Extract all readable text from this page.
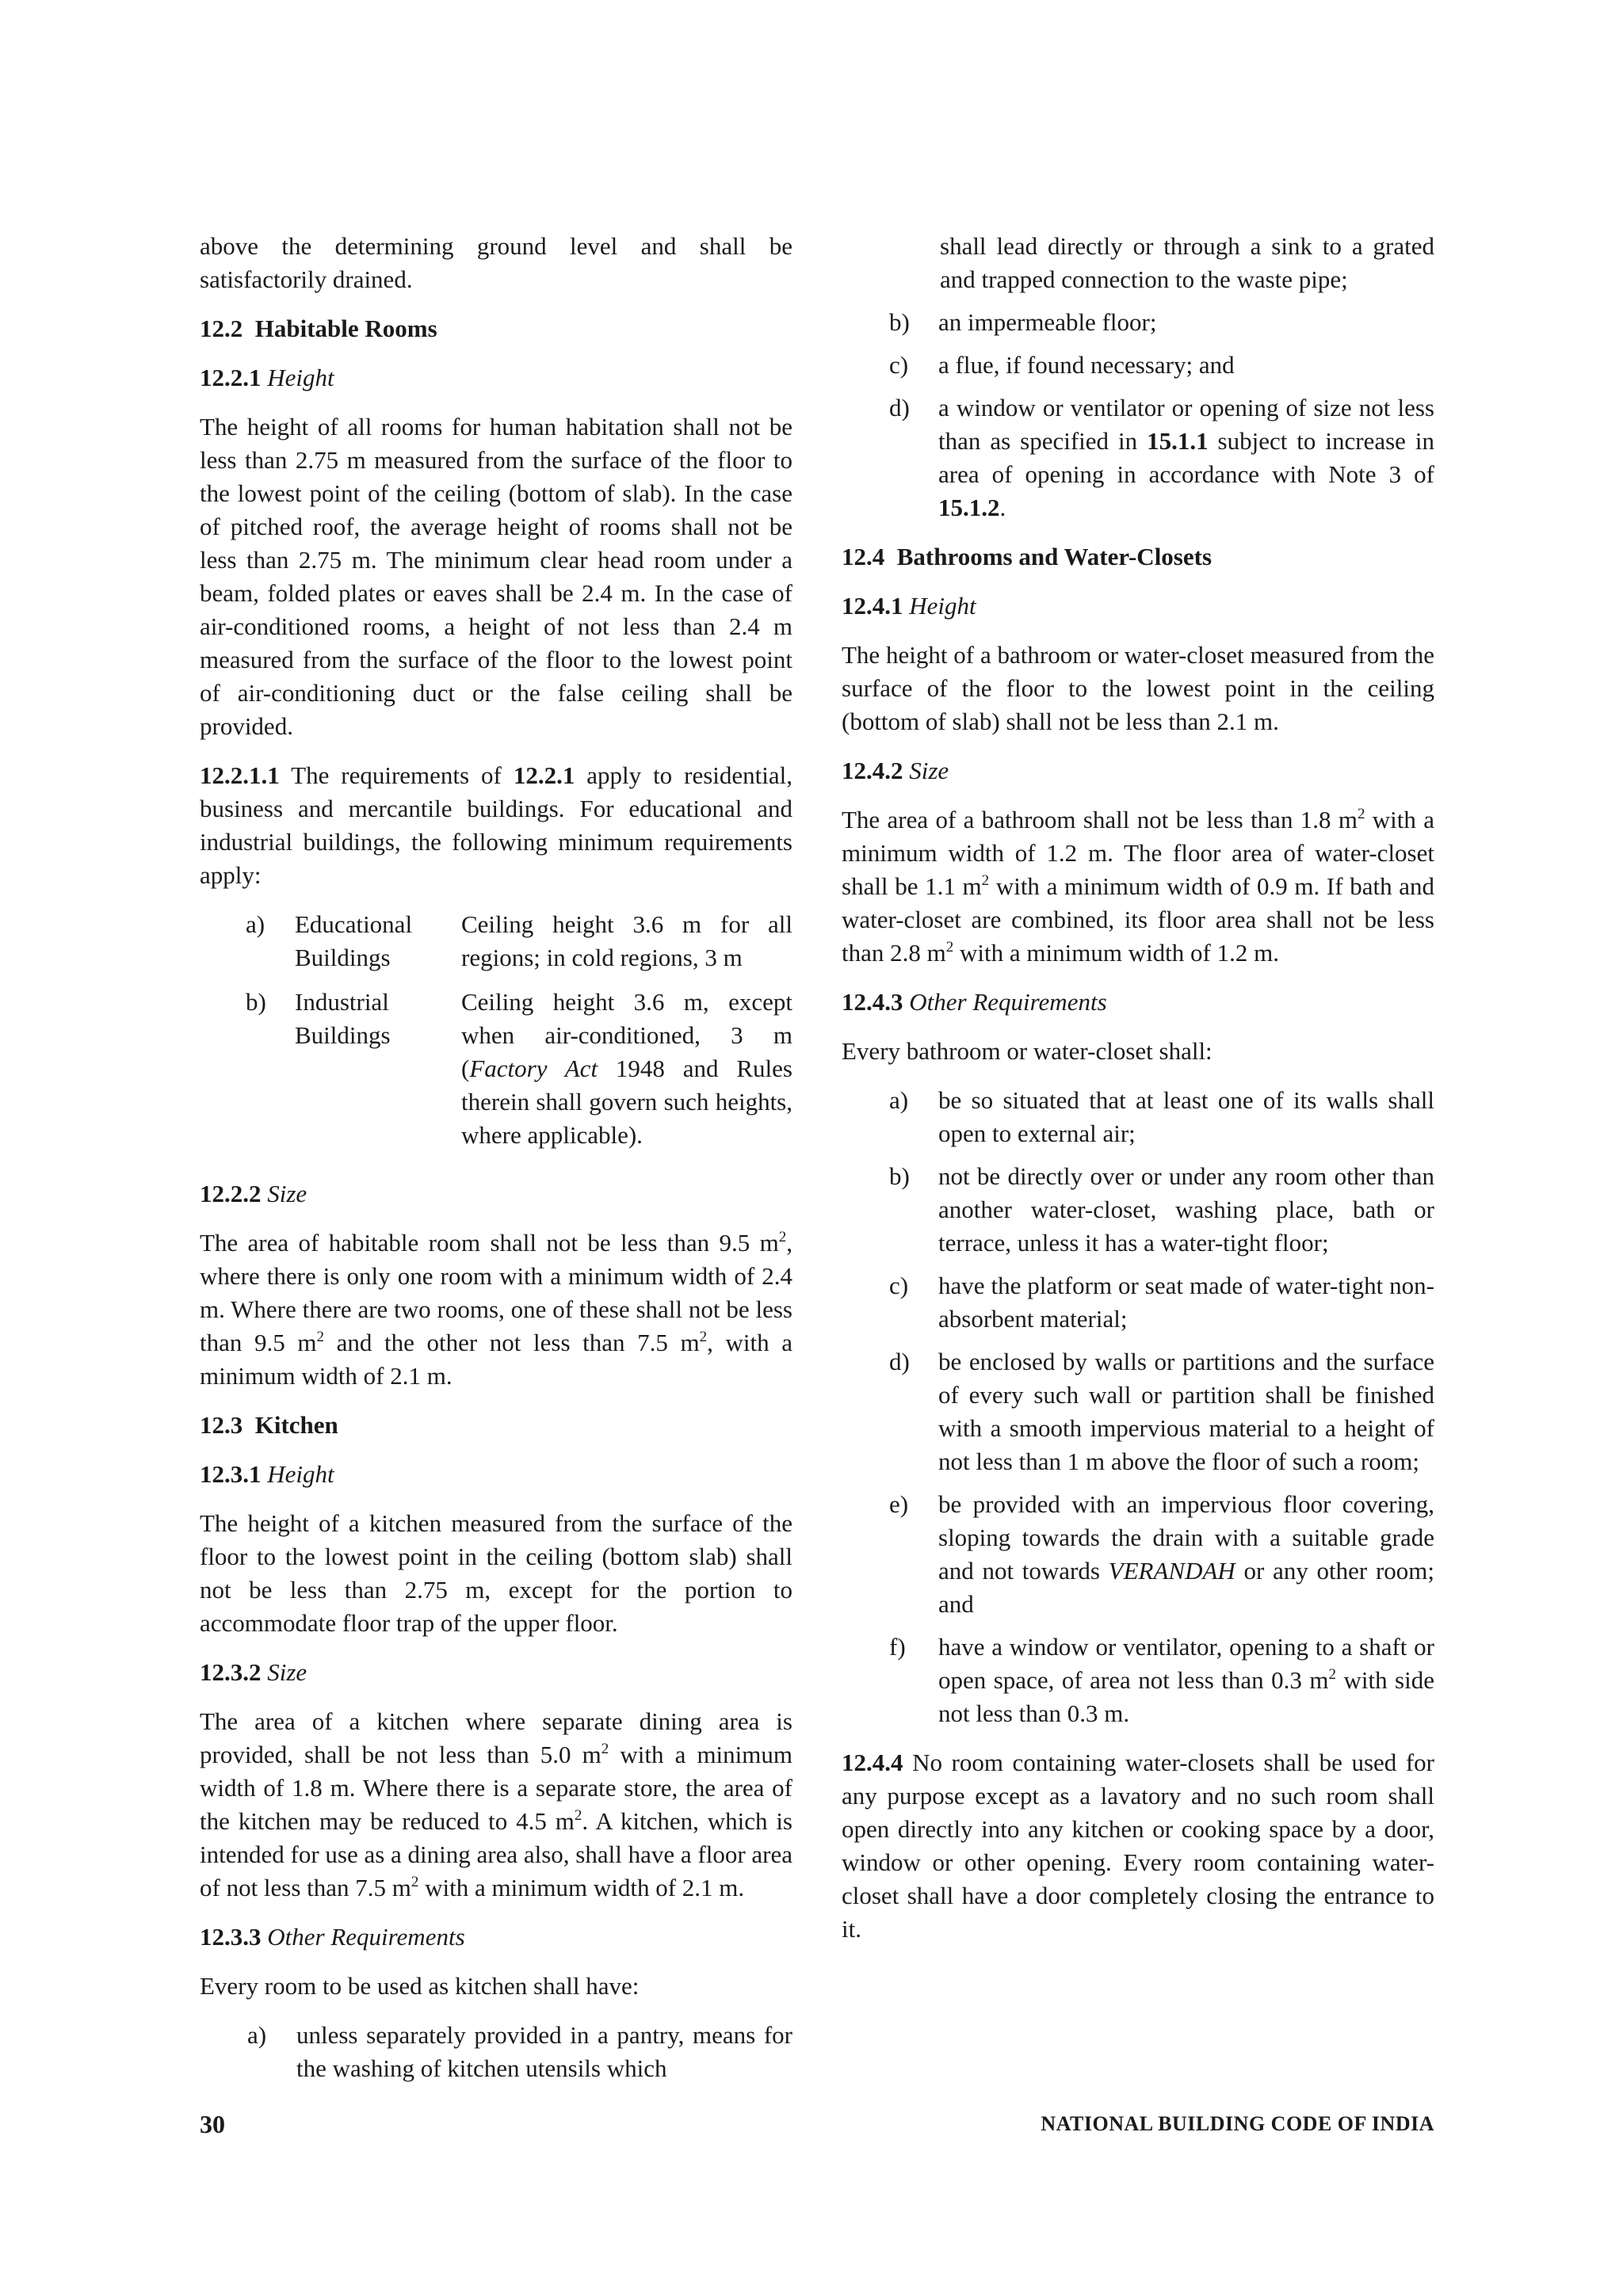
above the determining ground level and shall be satisfactorily drained.

12.2 Habitable Rooms
12.2.1 Height

The height of all rooms for human habitation shall not be less than 2.75 m measured from the surface of the floor to the lowest point of the ceiling (bottom of slab). In the case of pitched roof, the average height of rooms shall not be less than 2.75 m. The minimum clear head room under a beam, folded plates or eaves shall be 2.4 m. In the case of air-conditioned rooms, a height of not less than 2.4 m measured from the surface of the floor to the lowest point of air-conditioning duct or the false ceiling shall be provided.

12.2.1.1 The requirements of 12.2.1 apply to residential, business and mercantile buildings. For educational and industrial buildings, the following minimum requirements apply:

a)	Educational Buildings	Ceiling height 3.6 m for all regions; in cold regions, 3 m
b)	Industrial Buildings	Ceiling height 3.6 m, except when air-conditioned, 3 m (Factory Act 1948 and Rules therein shall govern such heights, where applicable).
12.2.2 Size

The area of habitable room shall not be less than 9.5 $m^2$, where there is only one room with a minimum width of 2.4 m. Where there are two rooms, one of these shall not be less than 9.5 $m^2$ and the other not less than 7.5 $m^2$, with a minimum width of 2.1 m.

12.3 Kitchen
12.3.1 Height

The height of a kitchen measured from the surface of the floor to the lowest point in the ceiling (bottom slab) shall not be less than 2.75 m, except for the portion to accommodate floor trap of the upper floor.

12.3.2 Size

The area of a kitchen where separate dining area is provided, shall be not less than 5.0 $m^2$ with a minimum width of 1.8 m. Where there is a separate store, the area of the kitchen may be reduced to 4.5 $m^2$. A kitchen, which is intended for use as a dining area also, shall have a floor area of not less than 7.5 $m^2$ with a minimum width of 2.1 m.

12.3.3 Other Requirements

Every room to be used as kitchen shall have:

a)	unless separately provided in a pantry, means for the washing of kitchen utensils which
shall lead directly or through a sink to a grated and trapped connection to the waste pipe;
b)	an impermeable floor;
c)	a flue, if found necessary; and
d)	a window or ventilator or opening of size not less than as specified in 15.1.1 subject to increase in area of opening in accordance with Note 3 of 15.1.2.
12.4 Bathrooms and Water-Closets
12.4.1 Height

The height of a bathroom or water-closet measured from the surface of the floor to the lowest point in the ceiling (bottom of slab) shall not be less than 2.1 m.

12.4.2 Size

The area of a bathroom shall not be less than 1.8 $m^2$ with a minimum width of 1.2 m. The floor area of water-closet shall be 1.1 $m^2$ with a minimum width of 0.9 m. If bath and water-closet are combined, its floor area shall not be less than 2.8 $m^2$ with a minimum width of 1.2 m.

12.4.3 Other Requirements

Every bathroom or water-closet shall:

a)	be so situated that at least one of its walls shall open to external air;
b)	not be directly over or under any room other than another water-closet, washing place, bath or terrace, unless it has a water-tight floor;
c)	have the platform or seat made of water-tight non-absorbent material;
d)	be enclosed by walls or partitions and the surface of every such wall or partition shall be finished with a smooth impervious material to a height of not less than 1 m above the floor of such a room;
e)	be provided with an impervious floor covering, sloping towards the drain with a suitable grade and not towards VERANDAH or any other room; and
f)	have a window or ventilator, opening to a shaft or open space, of area not less than 0.3 $m^2$ with side not less than 0.3 m.

12.4.4 No room containing water-closets shall be used for any purpose except as a lavatory and no such room shall open directly into any kitchen or cooking space by a door, window or other opening. Every room containing water-closet shall have a door completely closing the entrance to it.

30	NATIONAL BUILDING CODE OF INDIA
